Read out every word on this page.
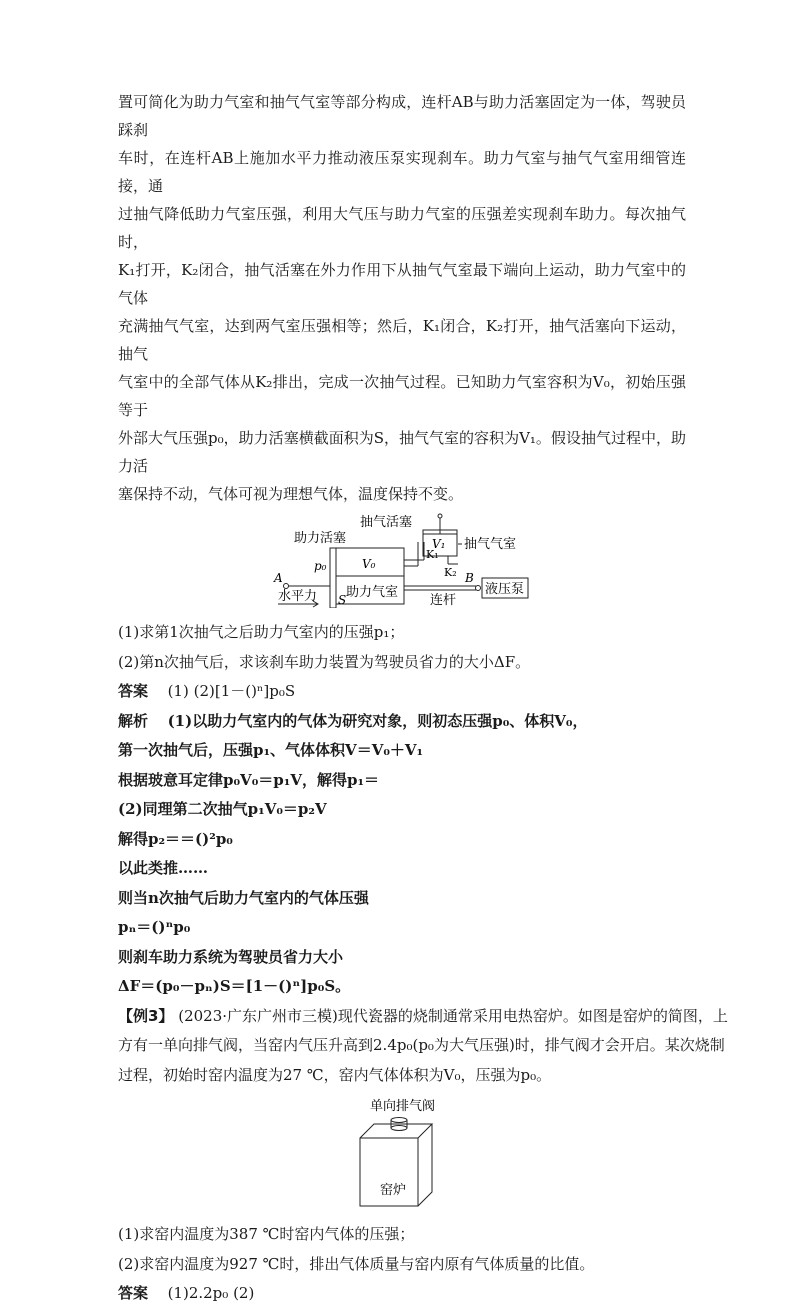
置可简化为助力气室和抽气气室等部分构成，连杆AB与助力活塞固定为一体，驾驶员踩刹

车时，在连杆AB上施加水平力推动液压泵实现刹车。助力气室与抽气气室用细管连接，通

过抽气降低助力气室压强，利用大气压与助力气室的压强差实现刹车助力。每次抽气时，

K₁打开，K₂闭合，抽气活塞在外力作用下从抽气气室最下端向上运动，助力气室中的气体

充满抽气气室，达到两气室压强相等；然后，K₁闭合，K₂打开，抽气活塞向下运动，抽气

气室中的全部气体从K₂排出，完成一次抽气过程。已知助力气室容积为V₀，初始压强等于

外部大气压强p₀，助力活塞横截面积为S，抽气气室的容积为V₁。假设抽气过程中，助力活

塞保持不动，气体可视为理想气体，温度保持不变。

抽气活塞
抽气气室
助力活塞	V₁
K₁
K₂
p₀	V₀
A
S
水平力 助力气室
连杆
B
液压泵

(1)求第1次抽气之后助力气室内的压强p₁；

(2)第n次抽气后，求该刹车助力装置为驾驶员省力的大小ΔF。

答案 (1) (2)[1－()ⁿ]p₀S

解析 (1)以助力气室内的气体为研究对象，则初态压强p₀、体积V₀，

第一次抽气后，压强p₁、气体体积V＝V₀＋V₁

根据玻意耳定律p₀V₀＝p₁V，解得p₁＝

(2)同理第二次抽气p₁V₀＝p₂V

解得p₂＝＝()²p₀

以此类推……

则当n次抽气后助力气室内的气体压强

pₙ＝()ⁿp₀

则刹车助力系统为驾驶员省力大小

ΔF＝(p₀－pₙ)S＝[1－()ⁿ]p₀S。

【例3】 (2023·广东广州市三模)现代瓷器的烧制通常采用电热窑炉。如图是窑炉的简图，上

方有一单向排气阀，当窑内气压升高到2.4p₀(p₀为大气压强)时，排气阀才会开启。某次烧制

过程，初始时窑内温度为27 ℃，窑内气体体积为V₀，压强为p₀。

单向排气阀
窑炉

(1)求窑内温度为387 ℃时窑内气体的压强；

(2)求窑内温度为927 ℃时，排出气体质量与窑内原有气体质量的比值。

答案 (1)2.2p₀ (2)
